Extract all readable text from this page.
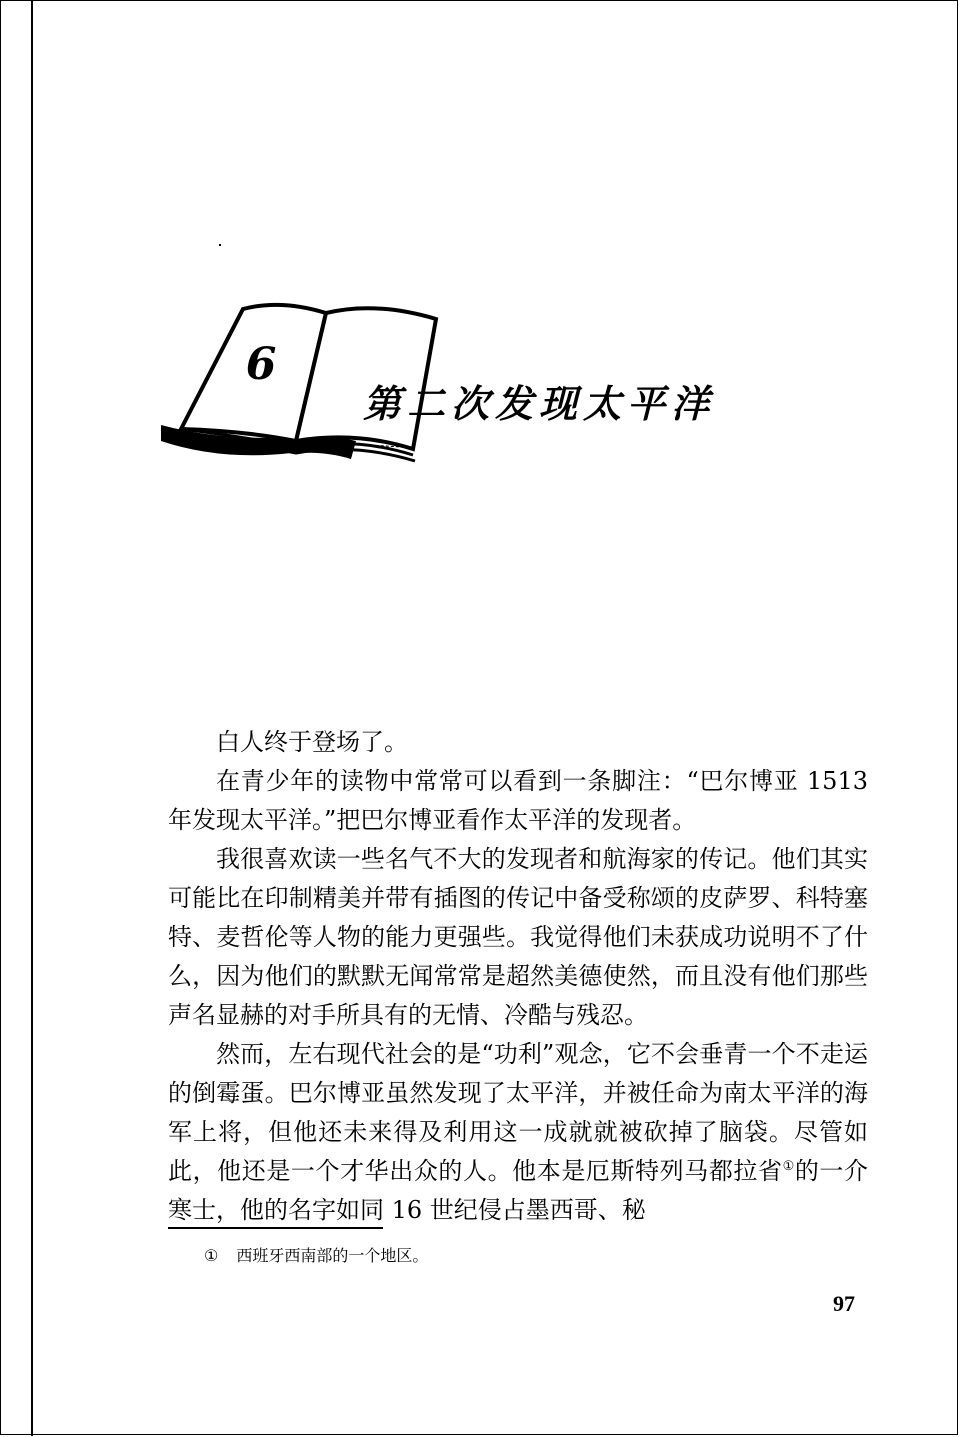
6
第二次发现太平洋

白人终于登场了。

在青少年的读物中常常可以看到一条脚注：“巴尔博亚 1513 年发现太平洋。”把巴尔博亚看作太平洋的发现者。

我很喜欢读一些名气不大的发现者和航海家的传记。他们其实可能比在印制精美并带有插图的传记中备受称颂的皮萨罗、科特塞特、麦哲伦等人物的能力更强些。我觉得他们未获成功说明不了什么，因为他们的默默无闻常常是超然美德使然，而且没有他们那些声名显赫的对手所具有的无情、冷酷与残忍。

然而，左右现代社会的是“功利”观念，它不会垂青一个不走运的倒霉蛋。巴尔博亚虽然发现了太平洋，并被任命为南太平洋的海军上将，但他还未来得及利用这一成就就被砍掉了脑袋。尽管如此，他还是一个才华出众的人。他本是厄斯特列马都拉省①的一介寒士，他的名字如同 16 世纪侵占墨西哥、秘

① 西班牙西南部的一个地区。
97
